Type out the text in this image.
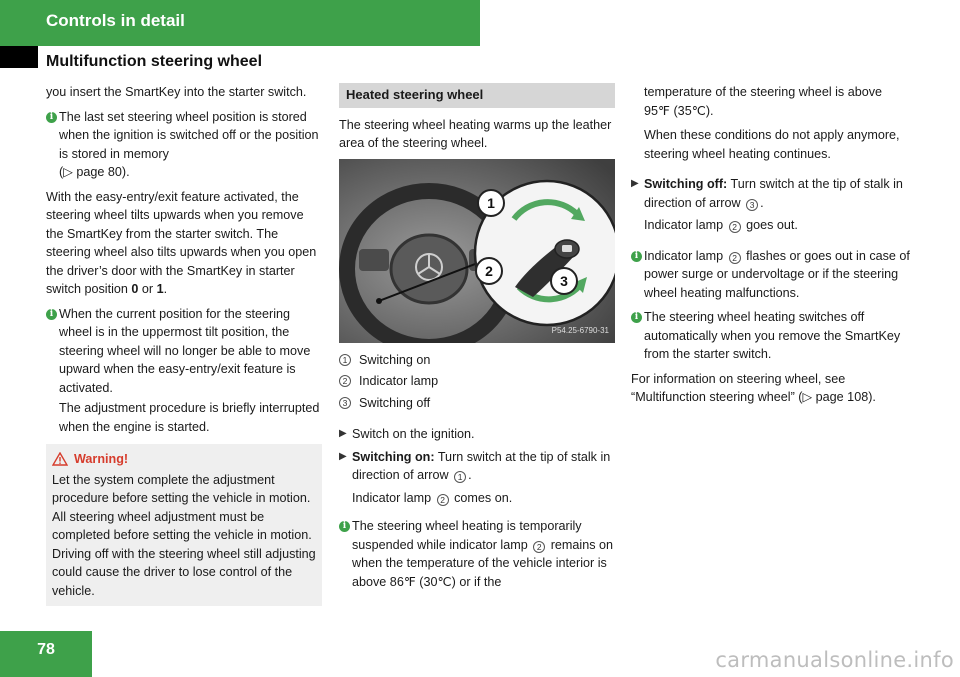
Controls in detail
Multifunction steering wheel

you insert the SmartKey into the starter switch.

i The last set steering wheel position is stored when the ignition is switched off or the position is stored in memory
(▷ page 80).

With the easy-entry/exit feature activated, the steering wheel tilts upwards when you remove the SmartKey from the starter switch. The steering wheel also tilts upwards when you open the driver’s door with the SmartKey in starter switch position 0 or 1.

i When the current position for the steering wheel is in the uppermost tilt position, the steering wheel will no longer be able to move upward when the easy-entry/exit feature is activated.
The adjustment procedure is briefly interrupted when the engine is started.
Warning!
Let the system complete the adjustment procedure before setting the vehicle in motion. All steering wheel adjustment must be completed before setting the vehicle in motion. Driving off with the steering wheel still adjusting could cause the driver to lose control of the vehicle.
Heated steering wheel

The steering wheel heating warms up the leather area of the steering wheel.

1
2
3
P54.25-6790-31
1 Switching on
2 Indicator lamp
3 Switching off
▶ Switch on the ignition.
▶ Switching on: Turn switch at the tip of stalk in direction of arrow 1 .
Indicator lamp 2 comes on.
i The steering wheel heating is temporarily suspended while indicator lamp 2 remains on when the temperature of the vehicle interior is above 86℉ (30℃) or if the

temperature of the steering wheel is above 95℉ (35℃).

When these conditions do not apply anymore, steering wheel heating continues.

▶ Switching off: Turn switch at the tip of stalk in direction of arrow 3 .
Indicator lamp 2 goes out.
i Indicator lamp 2 flashes or goes out in case of power surge or undervoltage or if the steering wheel heating malfunctions.
i The steering wheel heating switches off automatically when you remove the SmartKey from the starter switch.

For information on steering wheel, see “Multifunction steering wheel” (▷ page 108).

78	carmanualsonline.info
